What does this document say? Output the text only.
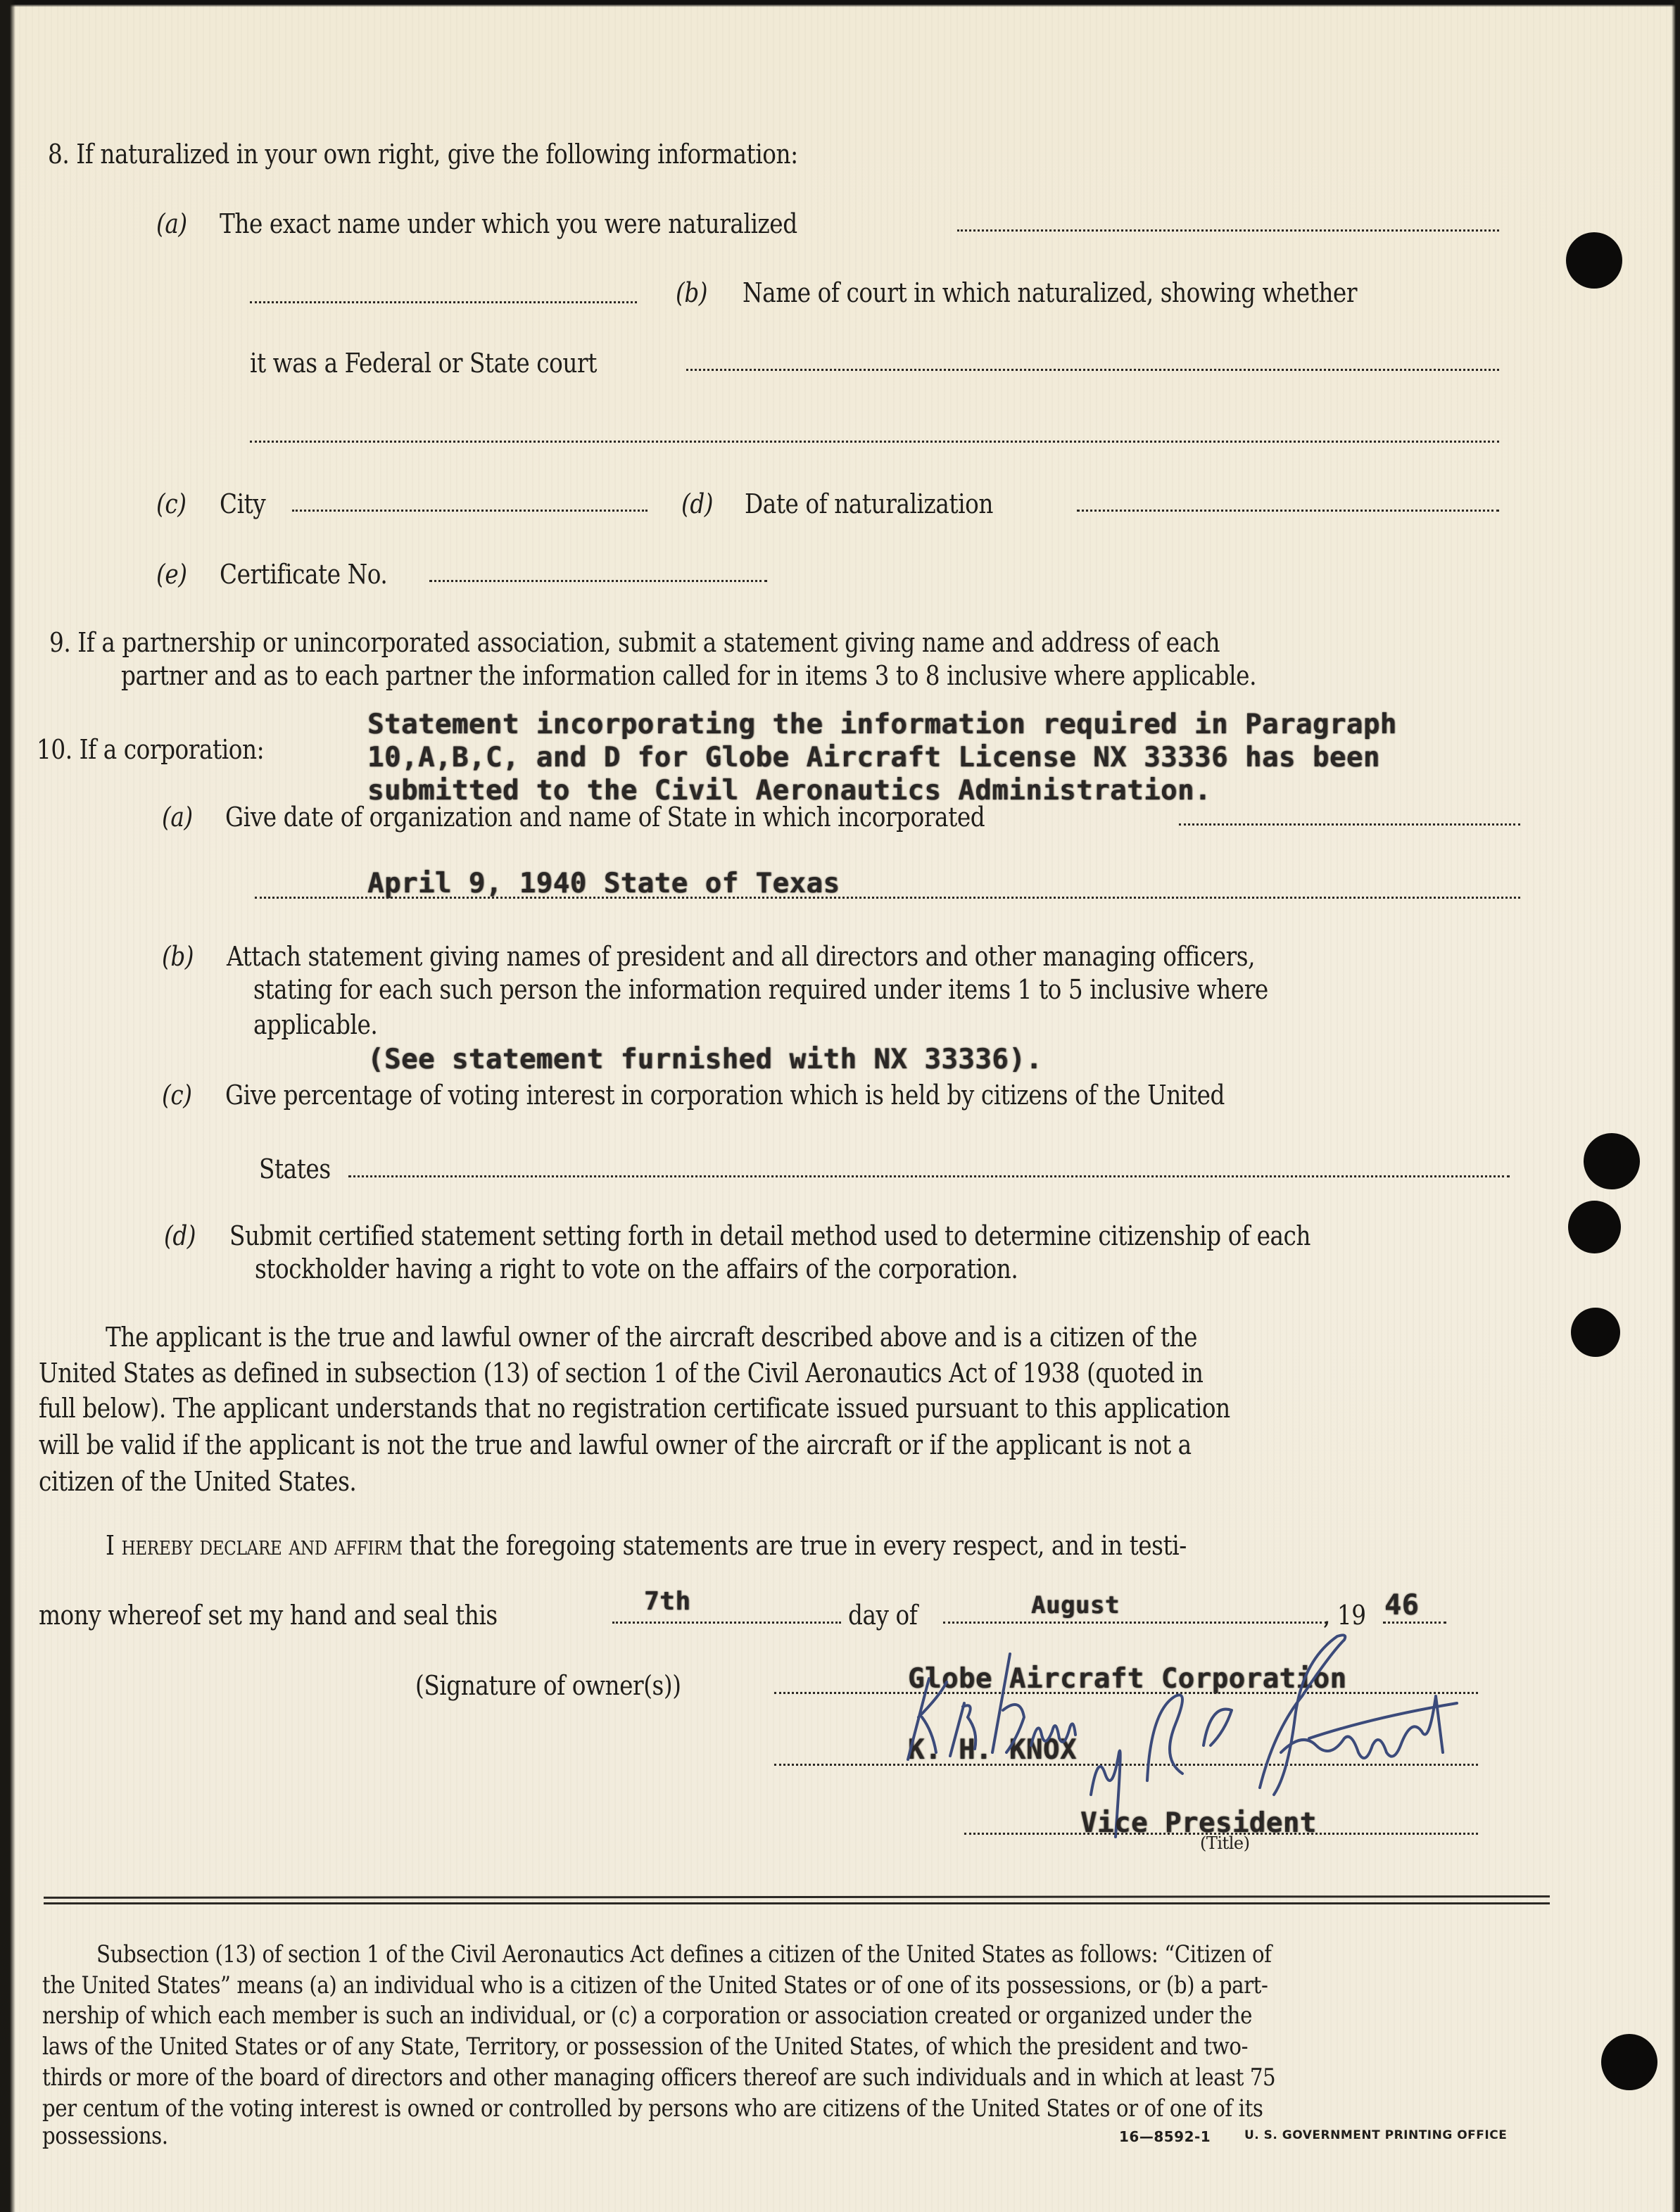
8. If naturalized in your own right, give the following information:
(a) The exact name under which you were naturalized
(b) Name of court in which naturalized, showing whether
it was a Federal or State court
(c) City	(d) Date of naturalization
(e) Certificate No.
9. If a partnership or unincorporated association, submit a statement giving name and address of each
partner and as to each partner the information called for in items 3 to 8 inclusive where applicable.
10. If a corporation:
Statement incorporating the information required in Paragraph
10,A,B,C, and D for Globe Aircraft License NX 33336 has been
submitted to the Civil Aeronautics Administration.
(a) Give date of organization and name of State in which incorporated
April 9, 1940 State of Texas
(b) Attach statement giving names of president and all directors and other managing officers,
stating for each such person the information required under items 1 to 5 inclusive where
applicable.
(See statement furnished with NX 33336).
(c) Give percentage of voting interest in corporation which is held by citizens of the United
States
(d) Submit certified statement setting forth in detail method used to determine citizenship of each
stockholder having a right to vote on the affairs of the corporation.
The applicant is the true and lawful owner of the aircraft described above and is a citizen of the
United States as defined in subsection (13) of section 1 of the Civil Aeronautics Act of 1938 (quoted in
full below). The applicant understands that no registration certificate issued pursuant to this application
will be valid if the applicant is not the true and lawful owner of the aircraft or if the applicant is not a
citizen of the United States.
I hereby declare and affirm that the foregoing statements are true in every respect, and in testi-
mony whereof set my hand and seal this	7th	day of	August	, 19 46
(Signature of owner(s))	Globe Aircraft Corporation
K. H. KNOX
Vice President
(Title)
Subsection (13) of section 1 of the Civil Aeronautics Act defines a citizen of the United States as follows: “Citizen of
the United States” means (a) an individual who is a citizen of the United States or of one of its possessions, or (b) a part-
nership of which each member is such an individual, or (c) a corporation or association created or organized under the
laws of the United States or of any State, Territory, or possession of the United States, of which the president and two-
thirds or more of the board of directors and other managing officers thereof are such individuals and in which at least 75
per centum of the voting interest is owned or controlled by persons who are citizens of the United States or of one of its
possessions.	16—8592-1	U. S. GOVERNMENT PRINTING OFFICE
